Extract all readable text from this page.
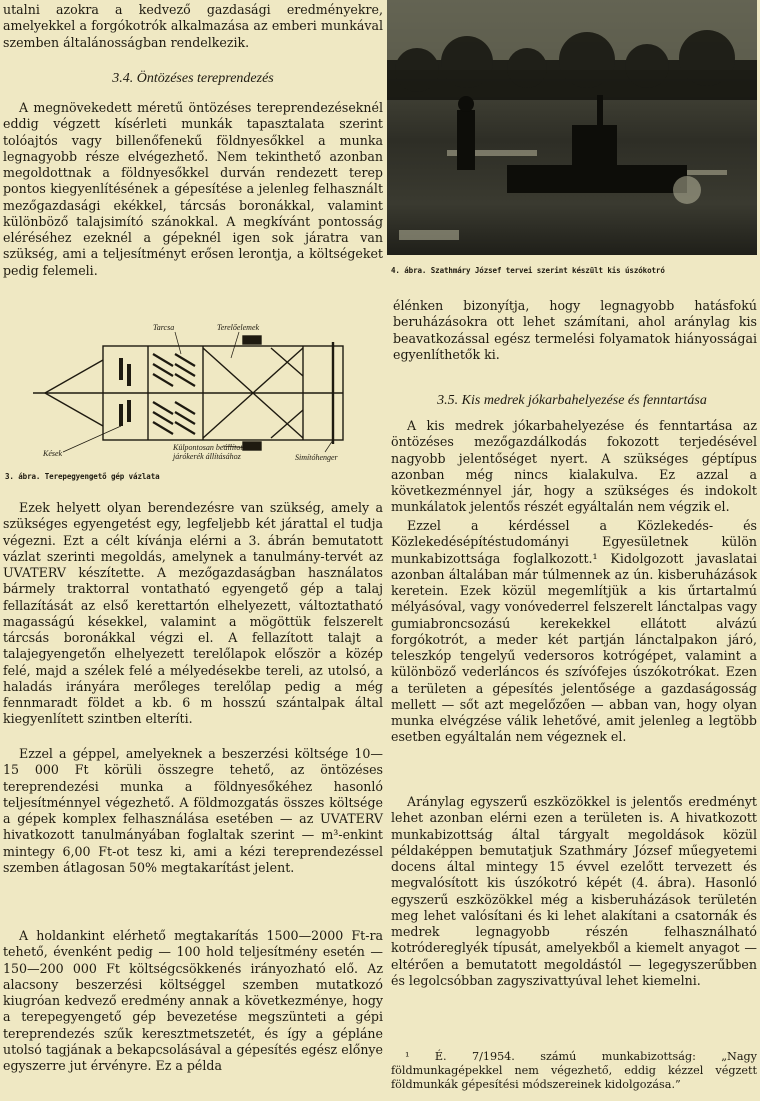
utalni azokra a kedvező gazdasági eredményekre, amelyekkel a forgókotrók alkalmazása az emberi munkával szemben általánosságban rendelkezik.

3.4. Öntözéses tereprendezés

A megnövekedett méretű öntözéses tereprendezéseknél eddig végzett kísérleti munkák tapasztalata szerint tolóajtós vagy billenőfenekű földnyesőkkel a munka legnagyobb része elvégezhető. Nem tekinthető azonban megoldottnak a földnyesőkkel durván rendezett terep pontos kiegyenlítésének a gépesítése a jelenleg felhasznált mezőgazdasági ekékkel, tárcsás boronákkal, valamint különböző talajsimító szánokkal. A megkívánt pontosság eléréséhez ezeknél a gépeknél igen sok járatra van szükség, ami a teljesítményt erősen lerontja, a költségeket pedig felemeli.

Tarcsa	Terelőelemek
Kések
Külpontosan beállított
járókerék állításához	Simítóhenger

3. ábra. Terepegyengető gép vázlata

Ezek helyett olyan berendezésre van szükség, amely a szükséges egyengetést egy, legfeljebb két járattal el tudja végezni. Ezt a célt kívánja elérni a 3. ábrán bemutatott vázlat szerinti megoldás, amelynek a tanulmány-tervét az UVATERV készítette. A mezőgazdaságban használatos bármely traktorral vontatható egyengető gép a talaj fellazítását az első kerettartón elhelyezett, változtatható magasságú késekkel, valamint a mögöttük felszerelt tárcsás boronákkal végzi el. A fellazított talajt a talajegyengetőn elhelyezett terelőlapok először a közép felé, majd a szélek felé a mélyedésekbe tereli, az utolsó, a haladás irányára merőleges terelőlap pedig a még fennmaradt földet a kb. 6 m hosszú szántalpak által kiegyenlített szintben elteríti.

Ezzel a géppel, amelyeknek a beszerzési költsége 10—15 000 Ft körüli összegre tehető, az öntözéses tereprendezési munka a földnyesőkéhez hasonló teljesítménnyel végezhető. A földmozgatás összes költsége a gépek komplex felhasználása esetében — az UVATERV hivatkozott tanulmányában foglaltak szerint — m³-enkint mintegy 6,00 Ft-ot tesz ki, ami a kézi tereprendezéssel szemben átlagosan 50% megtakarítást jelent.

A holdankint elérhető megtakarítás 1500—2000 Ft-ra tehető, évenként pedig — 100 hold teljesítmény esetén — 150—200 000 Ft költségcsökkenés irányozható elő. Az alacsony beszerzési költséggel szemben mutatkozó kiugróan kedvező eredmény annak a következménye, hogy a terepegyengető gép bevezetése megszünteti a gépi tereprendezés szűk keresztmetszetét, és így a gépláne utolsó tagjának a bekapcsolásával a gépesítés egész előnye egyszerre jut érvényre. Ez a példa

4. ábra. Szathmáry József tervei szerint készült kis úszókotró

élénken bizonyítja, hogy legnagyobb hatásfokú beruházásokra ott lehet számítani, ahol aránylag kis beavatkozással egész termelési folyamatok hiányosságai egyenlíthetők ki.

3.5. Kis medrek jókarbahelyezése és fenntartása

A kis medrek jókarbahelyezése és fenntartása az öntözéses mezőgazdálkodás fokozott terjedésével nagyobb jelentőséget nyert. A szükséges géptípus azonban még nincs kialakulva. Ez azzal a következménnyel jár, hogy a szükséges és indokolt munkálatok jelentős részét egyáltalán nem végzik el.

Ezzel a kérdéssel a Közlekedés- és Közlekedésépítéstudományi Egyesületnek külön munkabizottsága foglalkozott.¹ Kidolgozott javaslatai azonban általában már túlmennek az ún. kisberuházások keretein. Ezek közül megemlítjük a kis űrtartalmú mélyásóval, vagy vonóvederrel felszerelt lánctalpas vagy gumiabroncsozású kerekekkel ellátott alvázú forgókotrót, a meder két partján lánctalpakon járó, teleszkóp tengelyű vedersoros kotrógépet, valamint a különböző vederláncos és szívófejes úszókotrókat. Ezen a területen a gépesítés jelentősége a gazdaságosság mellett — sőt azt megelőzően — abban van, hogy olyan munka elvégzése válik lehetővé, amit jelenleg a legtöbb esetben egyáltalán nem végeznek el.

Aránylag egyszerű eszközökkel is jelentős eredményt lehet azonban elérni ezen a területen is. A hivatkozott munkabizottság által tárgyalt megoldások közül példaképpen bemutatjuk Szathmáry József műegyetemi docens által mintegy 15 évvel ezelőtt tervezett és megvalósított kis úszókotró képét (4. ábra). Hasonló egyszerű eszközökkel még a kisberuházások területén meg lehet valósítani és ki lehet alakítani a csatornák és medrek legnagyobb részén felhasználható kotródereglyék típusát, amelyekből a kiemelt anyagot — eltérően a bemutatott megoldástól — legegyszerűbben és legolcsóbban zagyszivattyúval lehet kiemelni.

¹ É. 7/1954. számú munkabizottság: „Nagy földmunkagépekkel nem végezhető, eddig kézzel végzett földmunkák gépesítési módszereinek kidolgozása.”
